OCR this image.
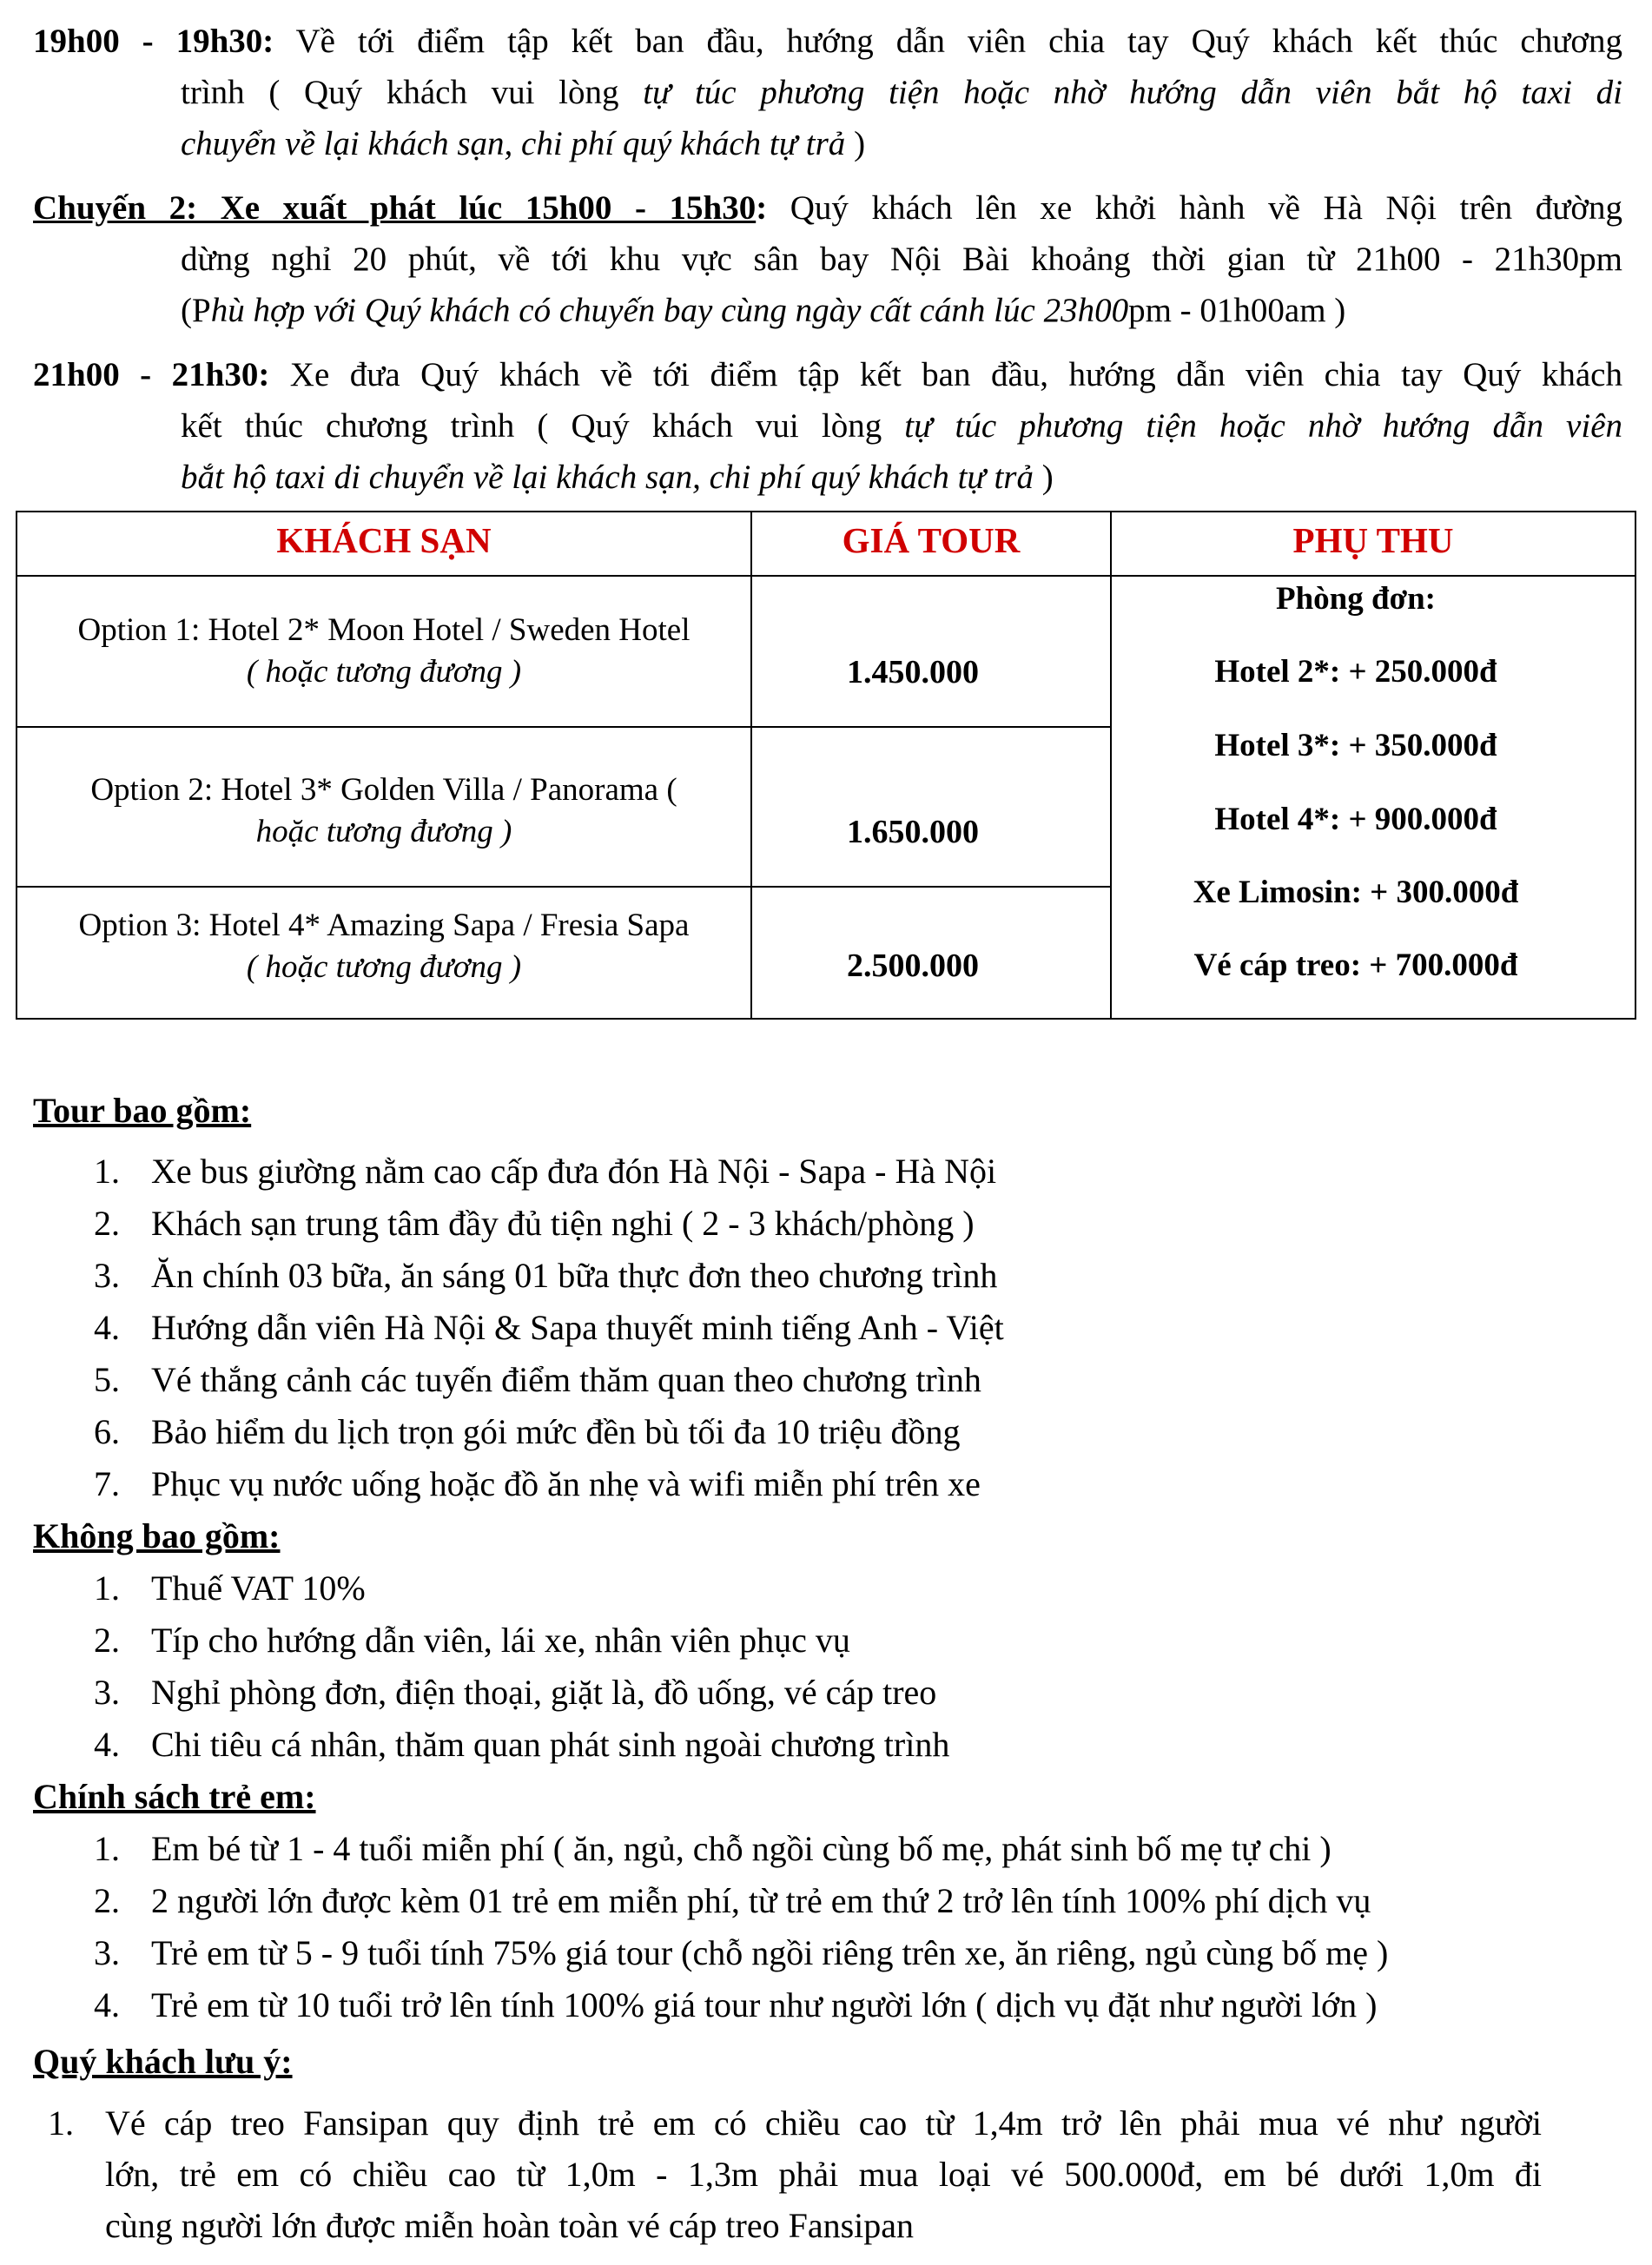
19h00 - 19h30: Về tới điểm tập kết ban đầu, hướng dẫn viên chia tay Quý khách kết thúc chương
trình ( Quý khách vui lòng tự túc phương tiện hoặc nhờ hướng dẫn viên bắt hộ taxi di
chuyển về lại khách sạn, chi phí quý khách tự trả )
Chuyến 2: Xe xuất phát lúc 15h00 - 15h30: Quý khách lên xe khởi hành về Hà Nội trên đường
dừng nghỉ 20 phút, về tới khu vực sân bay Nội Bài khoảng thời gian từ 21h00 - 21h30pm
(Phù hợp với Quý khách có chuyến bay cùng ngày cất cánh lúc 23h00pm - 01h00am )
21h00 - 21h30: Xe đưa Quý khách về tới điểm tập kết ban đầu, hướng dẫn viên chia tay Quý khách
kết thúc chương trình ( Quý khách vui lòng tự túc phương tiện hoặc nhờ hướng dẫn viên
bắt hộ taxi di chuyển về lại khách sạn, chi phí quý khách tự trả )
KHÁCH SẠN	GIÁ TOUR	PHỤ THU
Option 1: Hotel 2* Moon Hotel / Sweden Hotel
( hoặc tương đương )	1.450.000
Option 2: Hotel 3* Golden Villa / Panorama (
hoặc tương đương )	1.650.000
Option 3: Hotel 4* Amazing Sapa / Fresia Sapa
( hoặc tương đương )	2.500.000
Phòng đơn:
Hotel 2*: + 250.000đ
Hotel 3*: + 350.000đ
Hotel 4*: + 900.000đ
Xe Limosin: + 300.000đ
Vé cáp treo: + 700.000đ
Tour bao gồm:
1. Xe bus giường nằm cao cấp đưa đón Hà Nội - Sapa - Hà Nội
2. Khách sạn trung tâm đầy đủ tiện nghi ( 2 - 3 khách/phòng )
3. Ăn chính 03 bữa, ăn sáng 01 bữa thực đơn theo chương trình
4. Hướng dẫn viên Hà Nội & Sapa thuyết minh tiếng Anh - Việt
5. Vé thắng cảnh các tuyến điểm thăm quan theo chương trình
6. Bảo hiểm du lịch trọn gói mức đền bù tối đa 10 triệu đồng
7. Phục vụ nước uống hoặc đồ ăn nhẹ và wifi miễn phí trên xe
Không bao gồm:
1. Thuế VAT 10%
2. Típ cho hướng dẫn viên, lái xe, nhân viên phục vụ
3. Nghỉ phòng đơn, điện thoại, giặt là, đồ uống, vé cáp treo
4. Chi tiêu cá nhân, thăm quan phát sinh ngoài chương trình
Chính sách trẻ em:
1. Em bé từ 1 - 4 tuổi miễn phí ( ăn, ngủ, chỗ ngồi cùng bố mẹ, phát sinh bố mẹ tự chi )
2. 2 người lớn được kèm 01 trẻ em miễn phí, từ trẻ em thứ 2 trở lên tính 100% phí dịch vụ
3. Trẻ em từ 5 - 9 tuổi tính 75% giá tour (chỗ ngồi riêng trên xe, ăn riêng, ngủ cùng bố mẹ )
4. Trẻ em từ 10 tuổi trở lên tính 100% giá tour như người lớn ( dịch vụ đặt như người lớn )
Quý khách lưu ý:
1. Vé cáp treo Fansipan quy định trẻ em có chiều cao từ 1,4m trở lên phải mua vé như người
lớn, trẻ em có chiều cao từ 1,0m - 1,3m phải mua loại vé 500.000đ, em bé dưới 1,0m đi
cùng người lớn được miễn hoàn toàn vé cáp treo Fansipan
